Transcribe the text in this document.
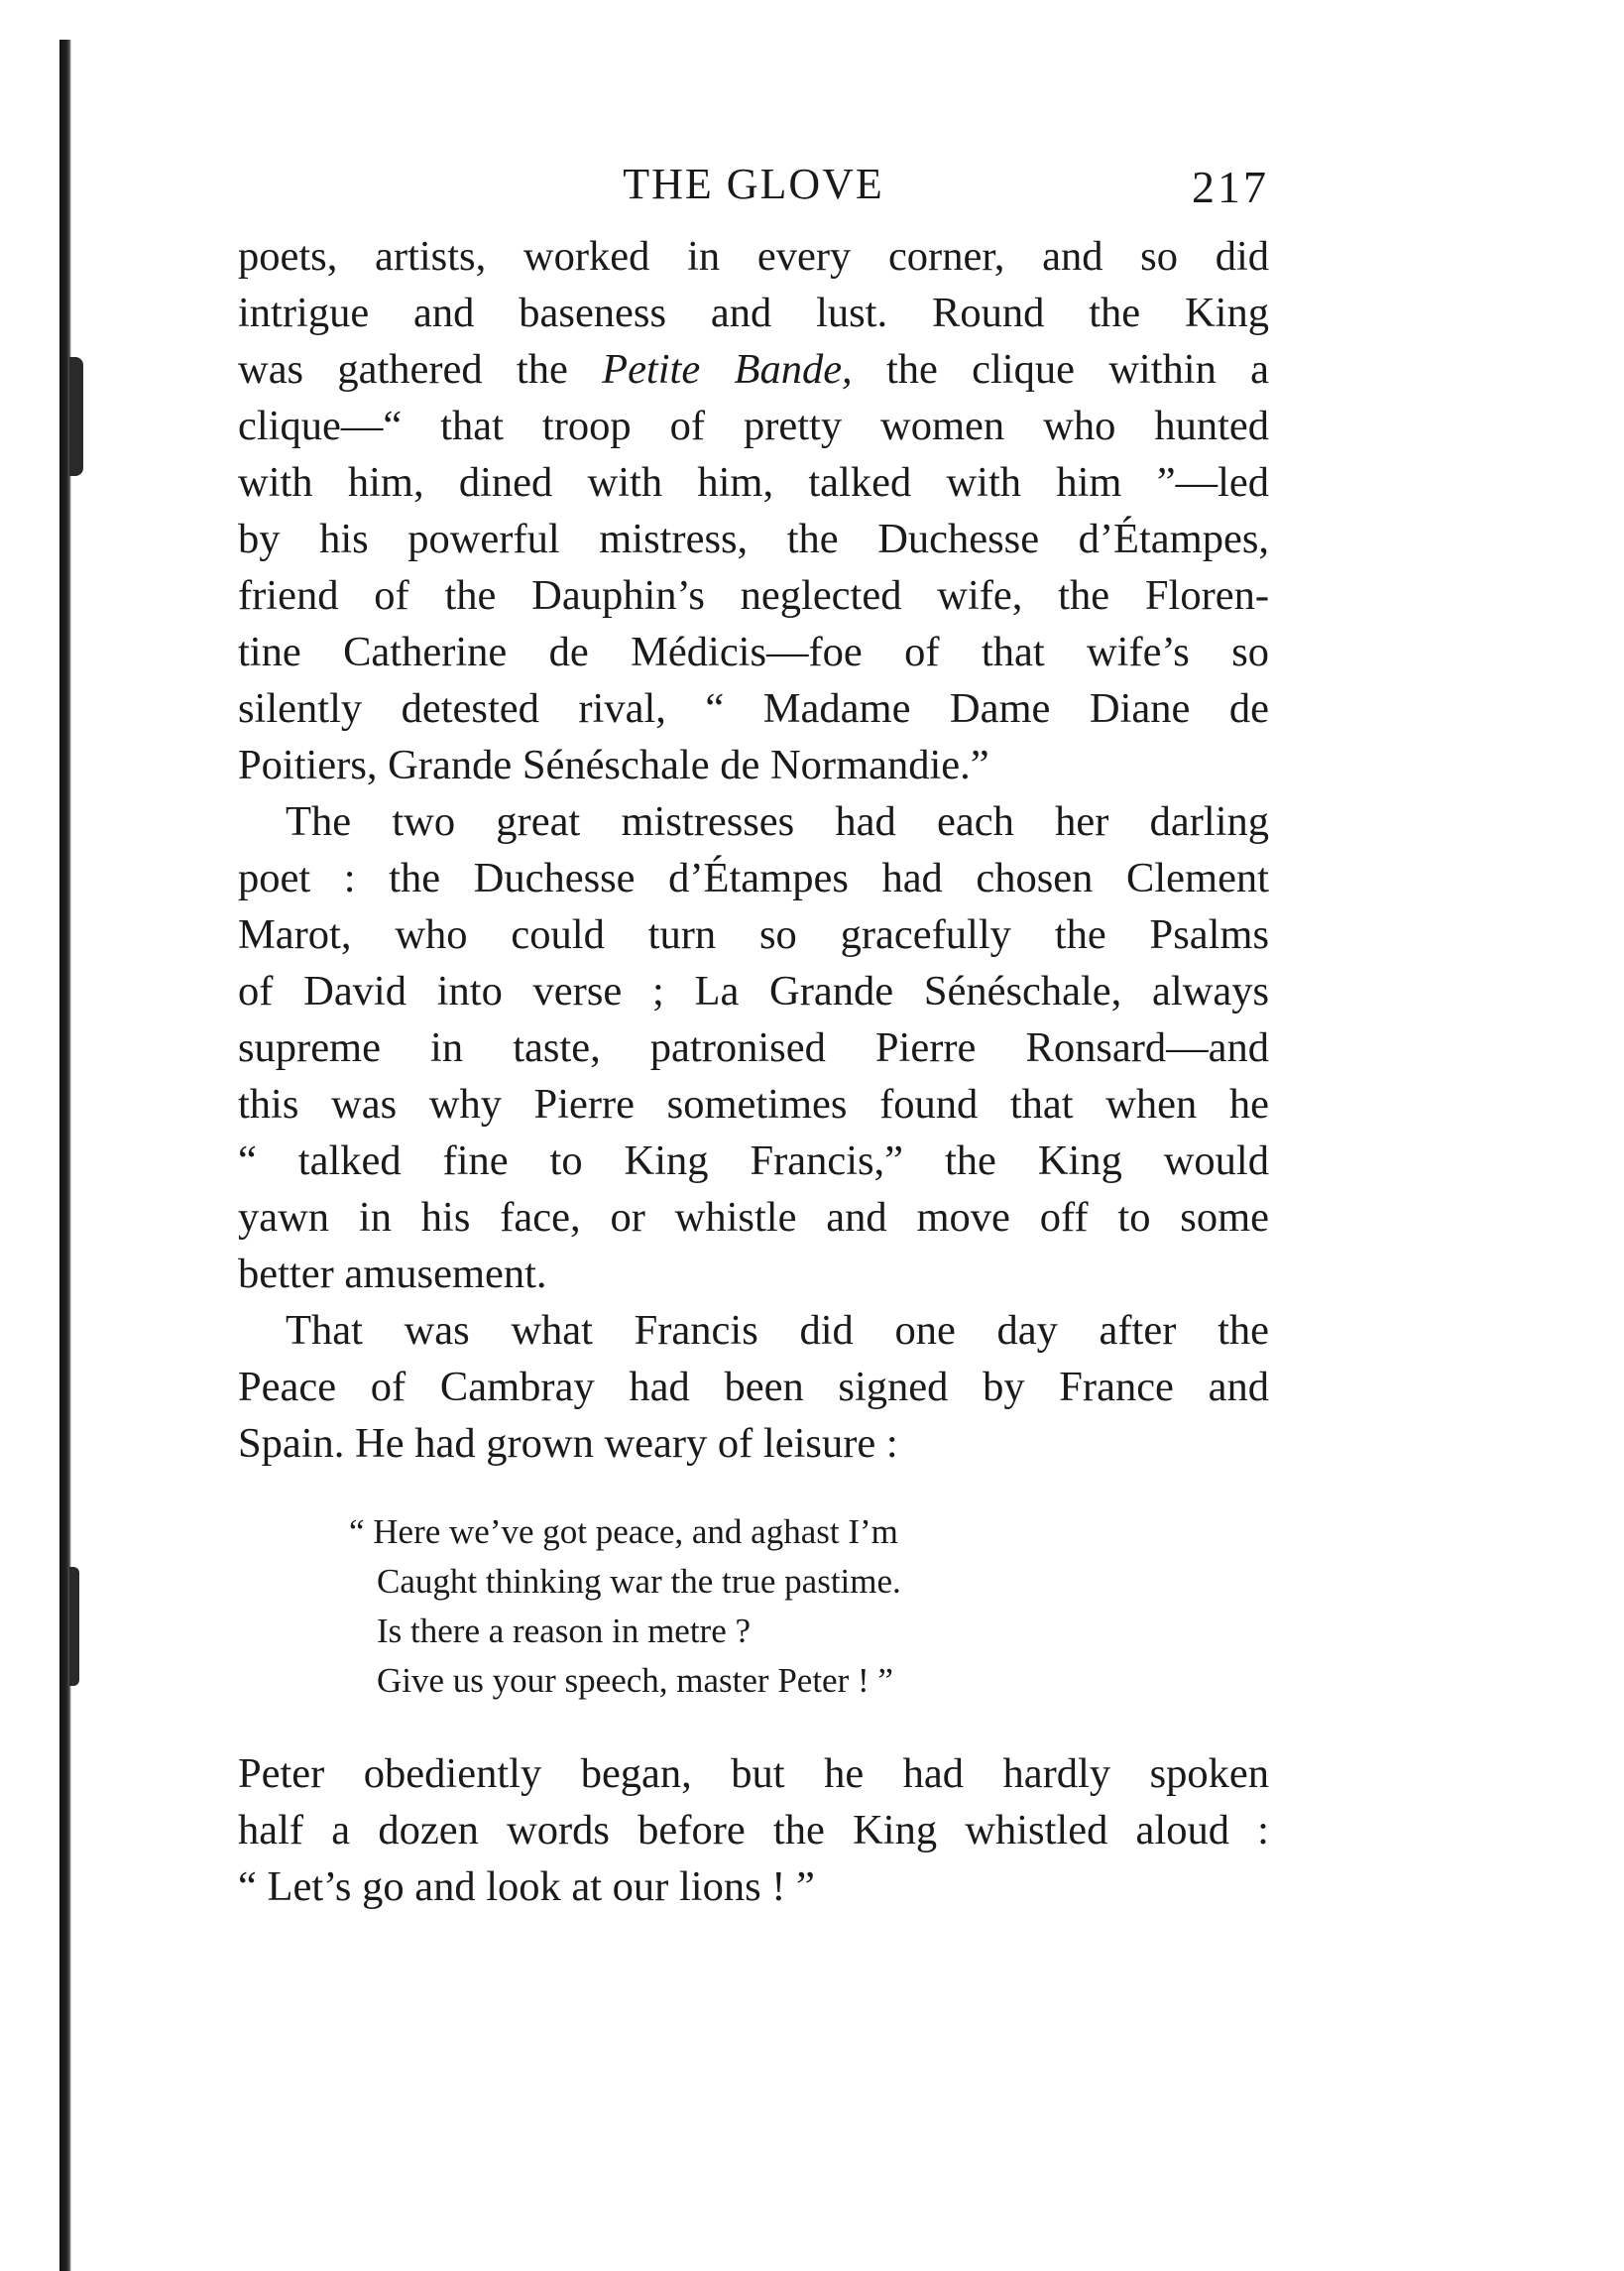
THE GLOVE	217

poets, artists, worked in every corner, and so did
intrigue and baseness and lust. Round the King
was gathered the Petite Bande, the clique within a
clique—“ that troop of pretty women who hunted
with him, dined with him, talked with him ”—led
by his powerful mistress, the Duchesse d’Étampes,
friend of the Dauphin’s neglected wife, the Floren-
tine Catherine de Médicis—foe of that wife’s so
silently detested rival, “ Madame Dame Diane de
Poitiers, Grande Sénéschale de Normandie.”

The two great mistresses had each her darling
poet : the Duchesse d’Étampes had chosen Clement
Marot, who could turn so gracefully the Psalms
of David into verse ; La Grande Sénéschale, always
supreme in taste, patronised Pierre Ronsard—and
this was why Pierre sometimes found that when he
“ talked fine to King Francis,” the King would
yawn in his face, or whistle and move off to some
better amusement.

That was what Francis did one day after the
Peace of Cambray had been signed by France and
Spain. He had grown weary of leisure :

“ Here we’ve got peace, and aghast I’m
Caught thinking war the true pastime.
Is there a reason in metre ?
Give us your speech, master Peter ! ”

Peter obediently began, but he had hardly spoken
half a dozen words before the King whistled aloud :
“ Let’s go and look at our lions ! ”
